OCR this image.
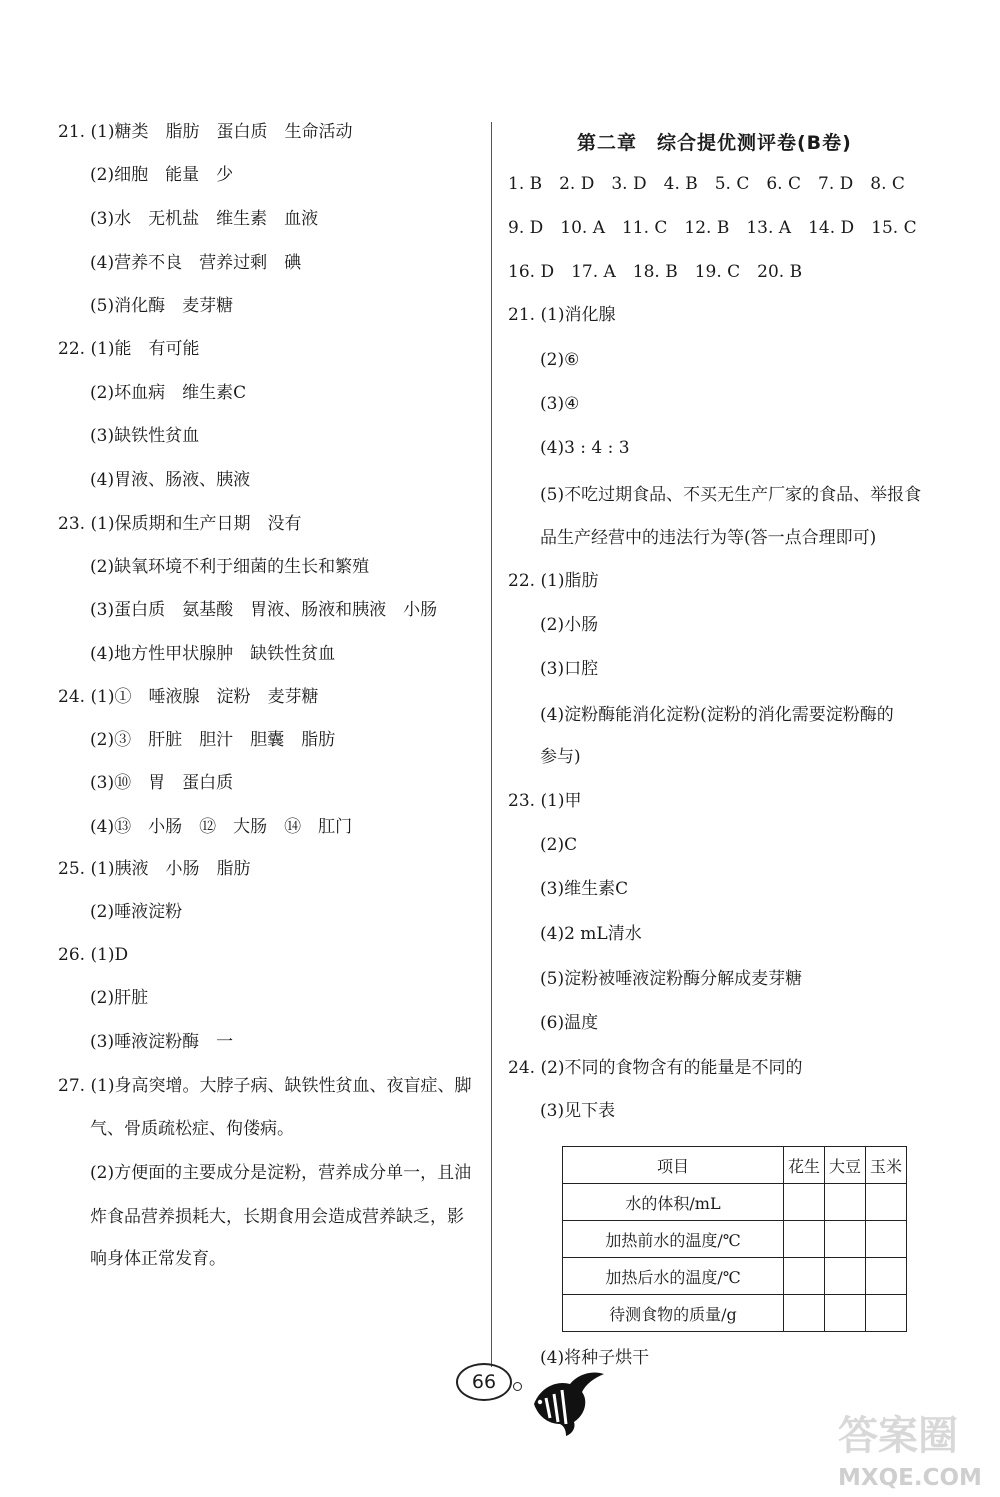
21. (1)糖类　脂肪　蛋白质　生命活动
(2)细胞　能量　少
(3)水　无机盐　维生素　血液
(4)营养不良　营养过剩　碘
(5)消化酶　麦芽糖
22. (1)能　有可能
(2)坏血病　维生素C
(3)缺铁性贫血
(4)胃液、肠液、胰液
23. (1)保质期和生产日期　没有
(2)缺氧环境不利于细菌的生长和繁殖
(3)蛋白质　氨基酸　胃液、肠液和胰液　小肠
(4)地方性甲状腺肿　缺铁性贫血
24. (1)①　唾液腺　淀粉　麦芽糖
(2)③　肝脏　胆汁　胆囊　脂肪
(3)⑩　胃　蛋白质
(4)⑬　小肠　⑫　大肠　⑭　肛门
25. (1)胰液　小肠　脂肪
(2)唾液淀粉
26. (1)D
(2)肝脏
(3)唾液淀粉酶　一
27. (1)身高突增。大脖子病、缺铁性贫血、夜盲症、脚
气、骨质疏松症、佝偻病。
(2)方便面的主要成分是淀粉，营养成分单一，且油
炸食品营养损耗大，长期食用会造成营养缺乏，影
响身体正常发育。
第二章　综合提优测评卷(B卷)
1. B　2. D　3. D　4. B　5. C　6. C　7. D　8. C
9. D　10. A　11. C　12. B　13. A　14. D　15. C
16. D　17. A　18. B　19. C　20. B
21. (1)消化腺
(2)⑥
(3)④
(4)3 : 4 : 3
(5)不吃过期食品、不买无生产厂家的食品、举报食
品生产经营中的违法行为等(答一点合理即可)
22. (1)脂肪
(2)小肠
(3)口腔
(4)淀粉酶能消化淀粉(淀粉的消化需要淀粉酶的
参与)
23. (1)甲
(2)C
(3)维生素C
(4)2 mL清水
(5)淀粉被唾液淀粉酶分解成麦芽糖
(6)温度
24. (2)不同的食物含有的能量是不同的
(3)见下表
项目	花生	大豆	玉米
水的体积/mL			
加热前水的温度/℃			
加热后水的温度/℃			
待测食物的质量/g			
(4)将种子烘干
66
答案圈
MXQE.COM
